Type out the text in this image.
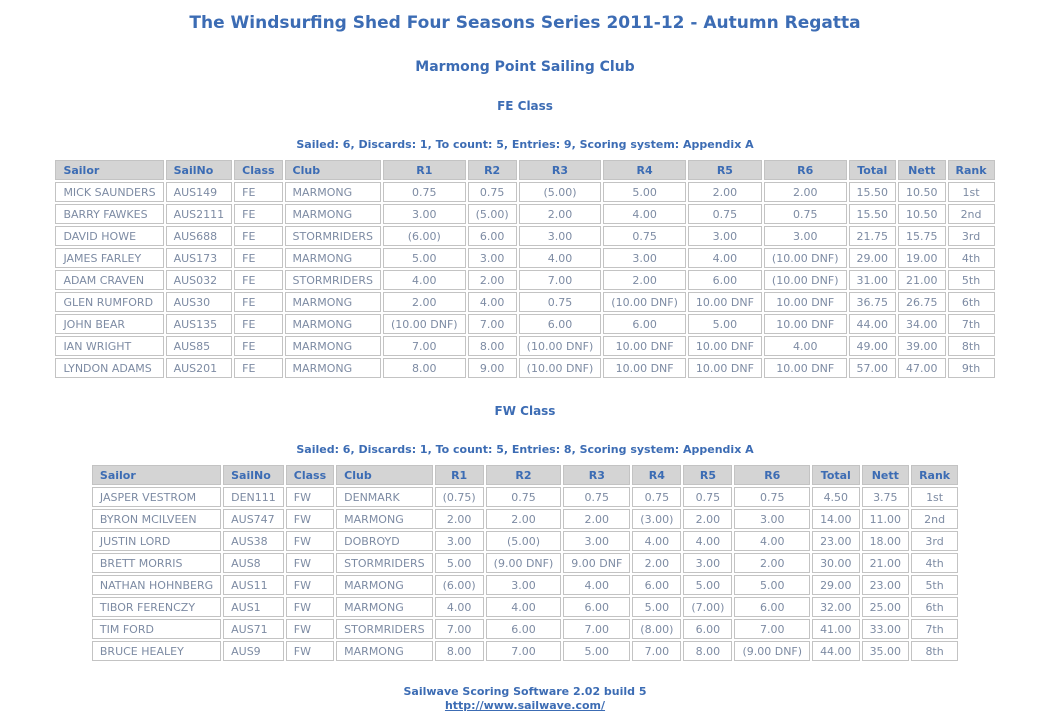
The Windsurfing Shed Four Seasons Series 2011-12 - Autumn Regatta
Marmong Point Sailing Club
FE Class
Sailed: 6, Discards: 1, To count: 5, Entries: 9, Scoring system: Appendix A
Sailor	SailNo	Class	Club	R1	R2	R3	R4	R5	R6	Total	Nett	Rank
MICK SAUNDERS	AUS149	FE	MARMONG	0.75	0.75	(5.00)	5.00	2.00	2.00	15.50	10.50	1st
BARRY FAWKES	AUS2111	FE	MARMONG	3.00	(5.00)	2.00	4.00	0.75	0.75	15.50	10.50	2nd
DAVID HOWE	AUS688	FE	STORMRIDERS	(6.00)	6.00	3.00	0.75	3.00	3.00	21.75	15.75	3rd
JAMES FARLEY	AUS173	FE	MARMONG	5.00	3.00	4.00	3.00	4.00	(10.00 DNF)	29.00	19.00	4th
ADAM CRAVEN	AUS032	FE	STORMRIDERS	4.00	2.00	7.00	2.00	6.00	(10.00 DNF)	31.00	21.00	5th
GLEN RUMFORD	AUS30	FE	MARMONG	2.00	4.00	0.75	(10.00 DNF)	10.00 DNF	10.00 DNF	36.75	26.75	6th
JOHN BEAR	AUS135	FE	MARMONG	(10.00 DNF)	7.00	6.00	6.00	5.00	10.00 DNF	44.00	34.00	7th
IAN WRIGHT	AUS85	FE	MARMONG	7.00	8.00	(10.00 DNF)	10.00 DNF	10.00 DNF	4.00	49.00	39.00	8th
LYNDON ADAMS	AUS201	FE	MARMONG	8.00	9.00	(10.00 DNF)	10.00 DNF	10.00 DNF	10.00 DNF	57.00	47.00	9th
FW Class
Sailed: 6, Discards: 1, To count: 5, Entries: 8, Scoring system: Appendix A
Sailor	SailNo	Class	Club	R1	R2	R3	R4	R5	R6	Total	Nett	Rank
JASPER VESTROM	DEN111	FW	DENMARK	(0.75)	0.75	0.75	0.75	0.75	0.75	4.50	3.75	1st
BYRON MCILVEEN	AUS747	FW	MARMONG	2.00	2.00	2.00	(3.00)	2.00	3.00	14.00	11.00	2nd
JUSTIN LORD	AUS38	FW	DOBROYD	3.00	(5.00)	3.00	4.00	4.00	4.00	23.00	18.00	3rd
BRETT MORRIS	AUS8	FW	STORMRIDERS	5.00	(9.00 DNF)	9.00 DNF	2.00	3.00	2.00	30.00	21.00	4th
NATHAN HOHNBERG	AUS11	FW	MARMONG	(6.00)	3.00	4.00	6.00	5.00	5.00	29.00	23.00	5th
TIBOR FERENCZY	AUS1	FW	MARMONG	4.00	4.00	6.00	5.00	(7.00)	6.00	32.00	25.00	6th
TIM FORD	AUS71	FW	STORMRIDERS	7.00	6.00	7.00	(8.00)	6.00	7.00	41.00	33.00	7th
BRUCE HEALEY	AUS9	FW	MARMONG	8.00	7.00	5.00	7.00	8.00	(9.00 DNF)	44.00	35.00	8th
Sailwave Scoring Software 2.02 build 5
http://www.sailwave.com/
